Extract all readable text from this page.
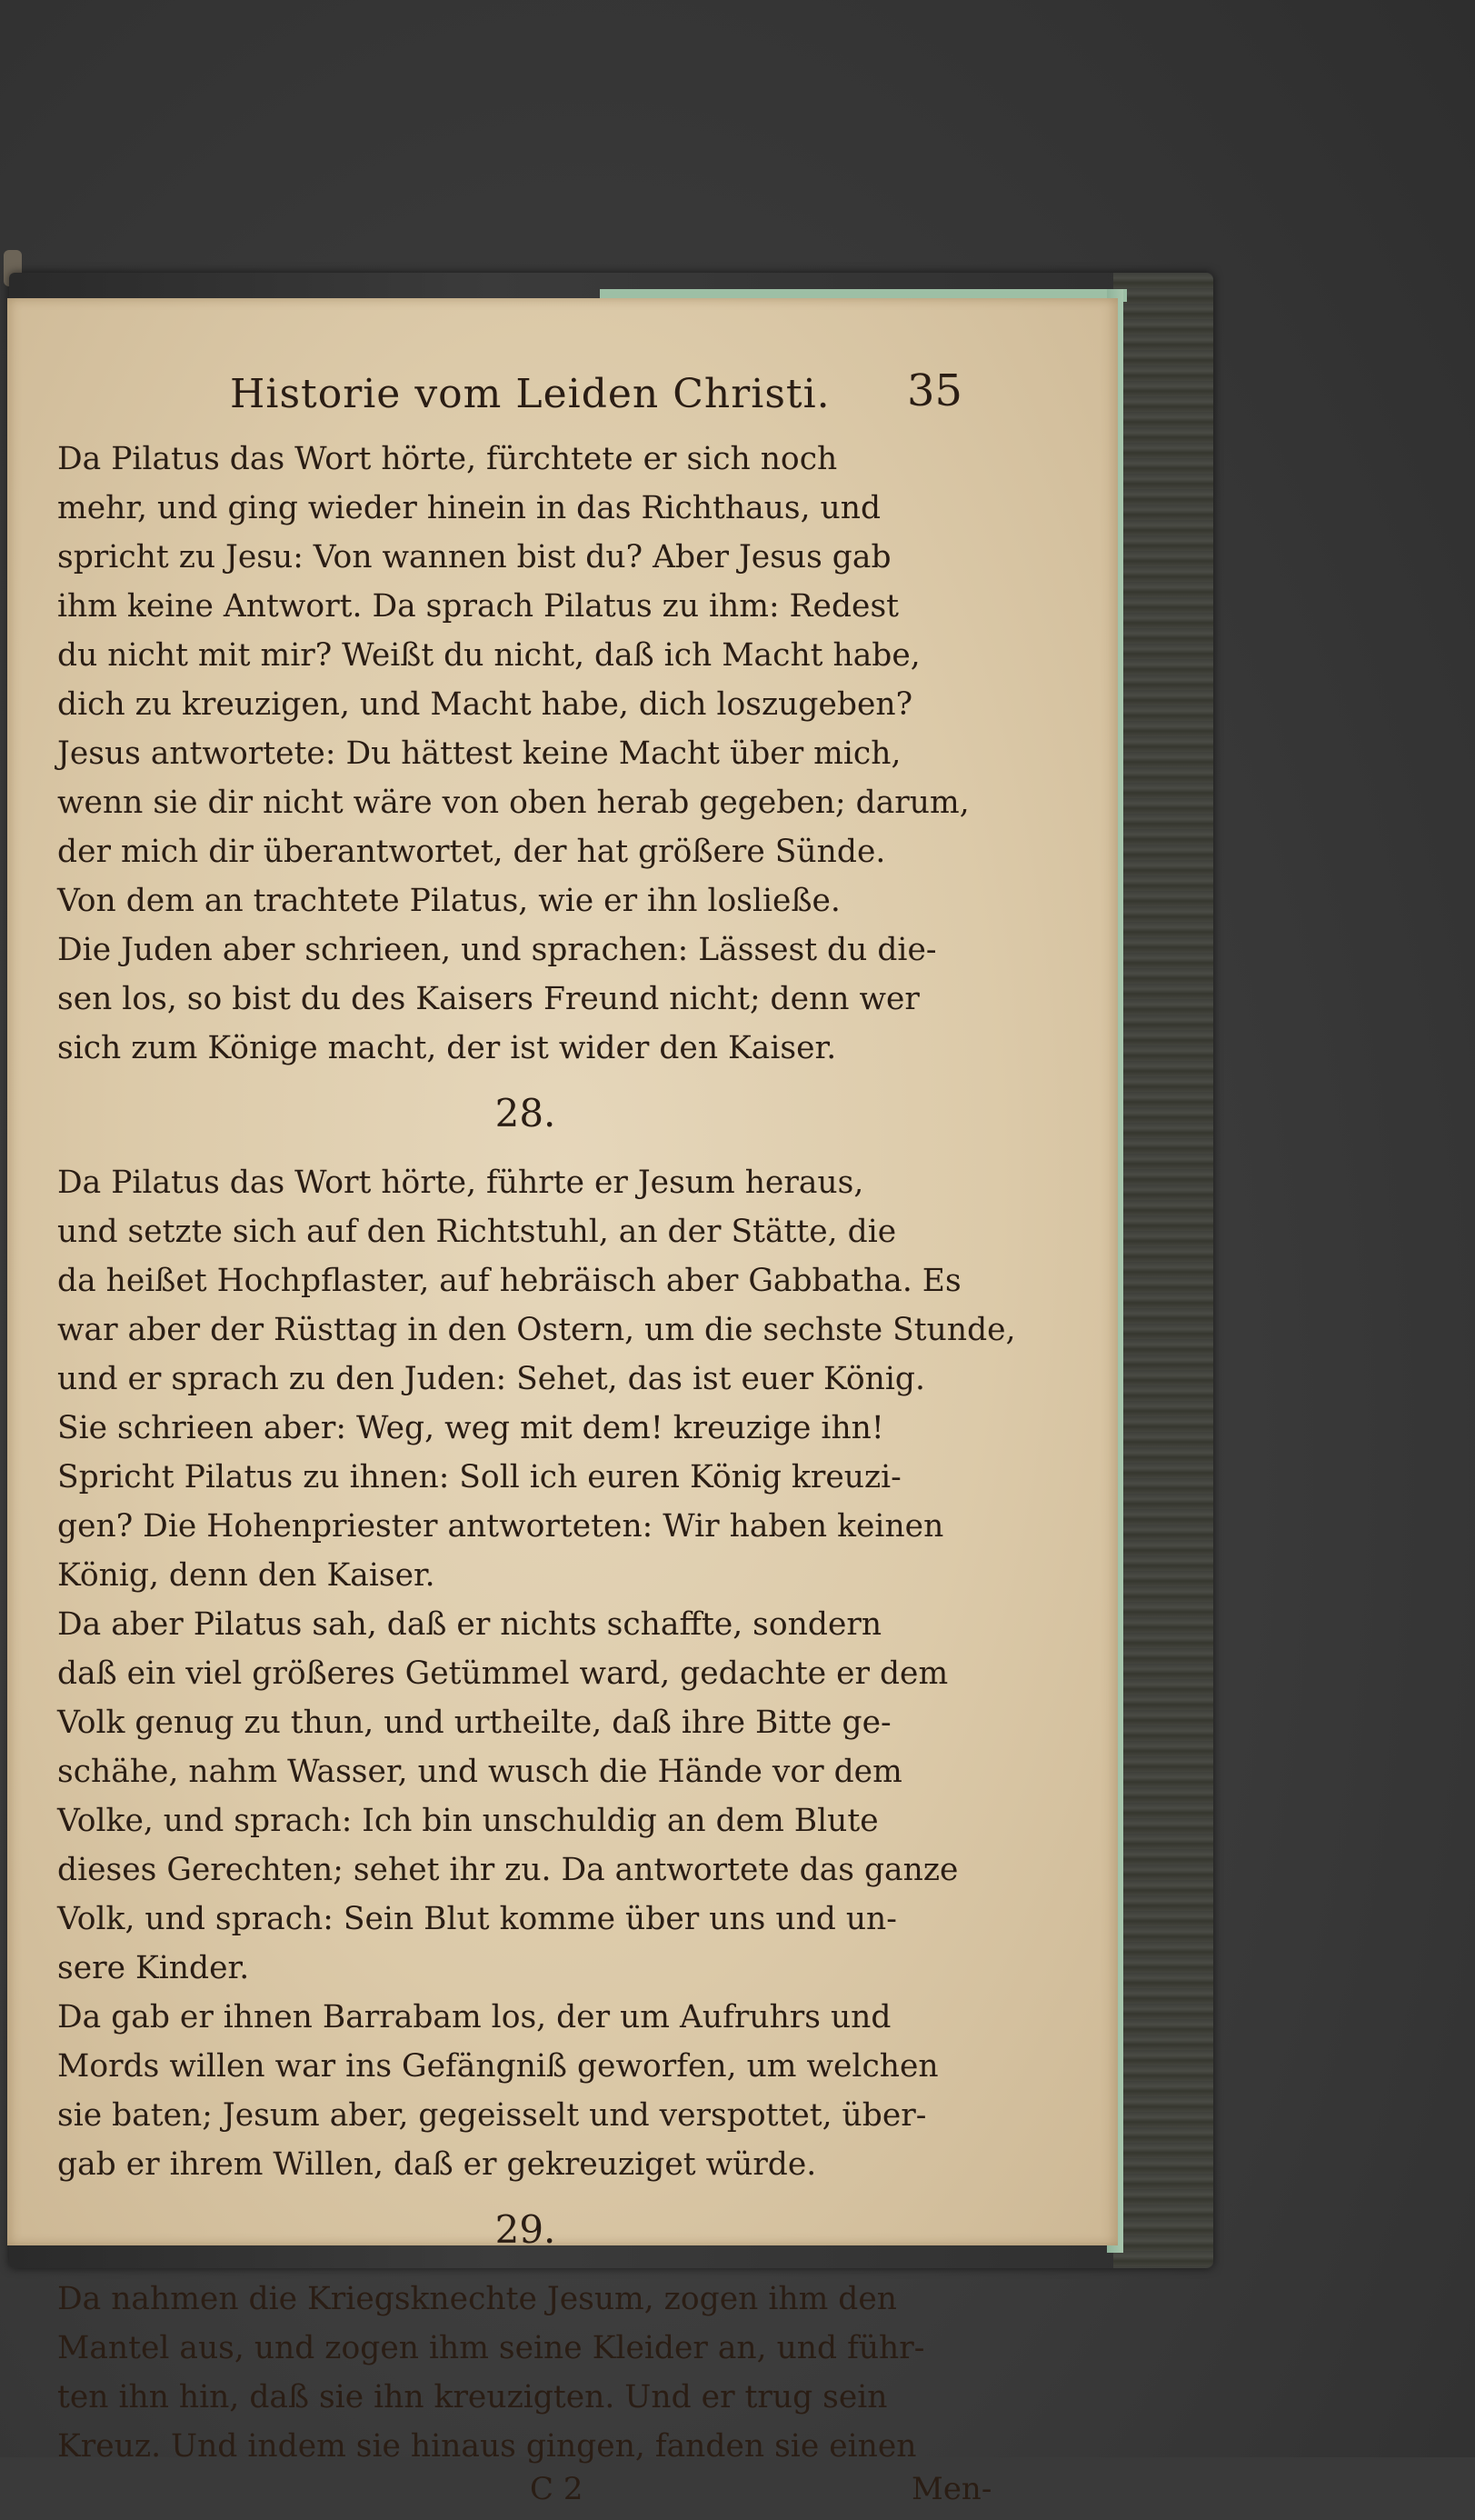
Historie vom Leiden Christi. 35

Da Pilatus das Wort hörte, fürchtete er sich noch
mehr, und ging wieder hinein in das Richthaus, und
spricht zu Jesu: Von wannen bist du? Aber Jesus gab
ihm keine Antwort. Da sprach Pilatus zu ihm: Redest
du nicht mit mir? Weißt du nicht, daß ich Macht habe,
dich zu kreuzigen, und Macht habe, dich loszugeben?
Jesus antwortete: Du hättest keine Macht über mich,
wenn sie dir nicht wäre von oben herab gegeben; darum,
der mich dir überantwortet, der hat größere Sünde.
Von dem an trachtete Pilatus, wie er ihn losließe.

Die Juden aber schrieen, und sprachen: Lässest du die-
sen los, so bist du des Kaisers Freund nicht; denn wer
sich zum Könige macht, der ist wider den Kaiser.

28.

Da Pilatus das Wort hörte, führte er Jesum heraus,
und setzte sich auf den Richtstuhl, an der Stätte, die
da heißet Hochpflaster, auf hebräisch aber Gabbatha. Es
war aber der Rüsttag in den Ostern, um die sechste Stunde,
und er sprach zu den Juden: Sehet, das ist euer König.
Sie schrieen aber: Weg, weg mit dem! kreuzige ihn!
Spricht Pilatus zu ihnen: Soll ich euren König kreuzi-
gen? Die Hohenpriester antworteten: Wir haben keinen
König, denn den Kaiser.

Da aber Pilatus sah, daß er nichts schaffte, sondern
daß ein viel größeres Getümmel ward, gedachte er dem
Volk genug zu thun, und urtheilte, daß ihre Bitte ge-
schähe, nahm Wasser, und wusch die Hände vor dem
Volke, und sprach: Ich bin unschuldig an dem Blute
dieses Gerechten; sehet ihr zu. Da antwortete das ganze
Volk, und sprach: Sein Blut komme über uns und un-
sere Kinder.

Da gab er ihnen Barrabam los, der um Aufruhrs und
Mords willen war ins Gefängniß geworfen, um welchen
sie baten; Jesum aber, gegeisselt und verspottet, über-
gab er ihrem Willen, daß er gekreuziget würde.

29.

Da nahmen die Kriegsknechte Jesum, zogen ihm den
Mantel aus, und zogen ihm seine Kleider an, und führ-
ten ihn hin, daß sie ihn kreuzigten. Und er trug sein
Kreuz. Und indem sie hinaus gingen, fanden sie einen

C 2	Men-
